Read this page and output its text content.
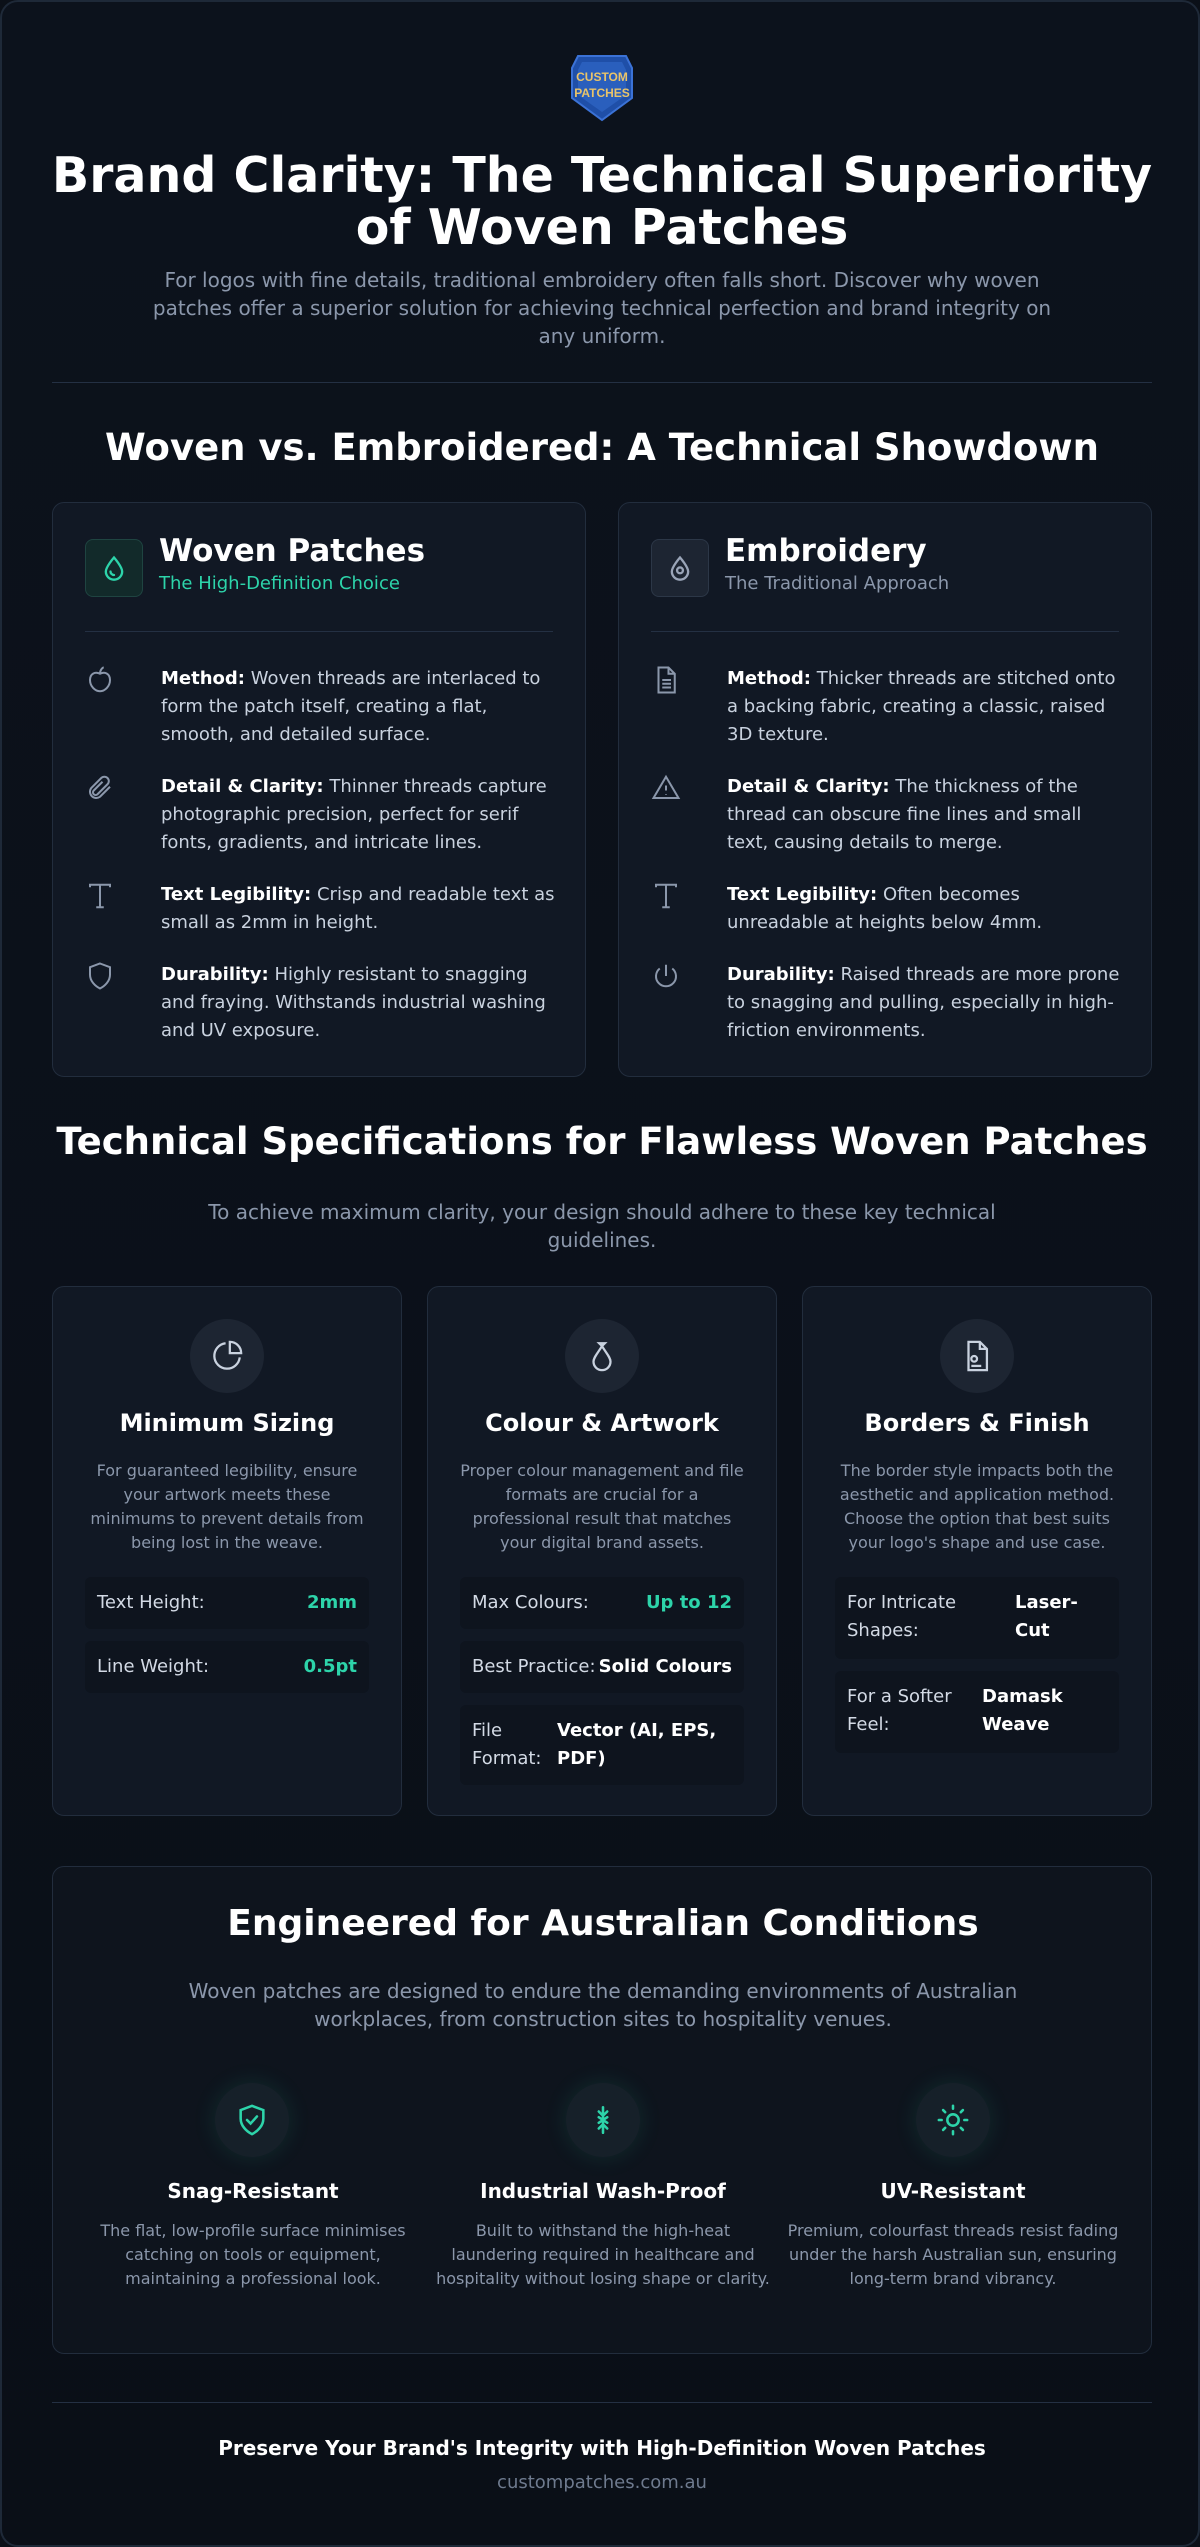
CUSTOM
PATCHES
Brand Clarity: The Technical Superiority of Woven Patches
For logos with fine details, traditional embroidery often falls short. Discover why woven patches offer a superior solution for achieving technical perfection and brand integrity on any uniform.
Woven vs. Embroidered: A Technical Showdown
Woven Patches
The High-Definition Choice
Method: Woven threads are interlaced to form the patch itself, creating a flat, smooth, and detailed surface.
Detail & Clarity: Thinner threads capture photographic precision, perfect for serif fonts, gradients, and intricate lines.
Text Legibility: Crisp and readable text as small as 2mm in height.
Durability: Highly resistant to snagging and fraying. Withstands industrial washing and UV exposure.
Embroidery
The Traditional Approach
Method: Thicker threads are stitched onto a backing fabric, creating a classic, raised 3D texture.
Detail & Clarity: The thickness of the thread can obscure fine lines and small text, causing details to merge.
Text Legibility: Often becomes unreadable at heights below 4mm.
Durability: Raised threads are more prone to snagging and pulling, especially in high-friction environments.
Technical Specifications for Flawless Woven Patches
To achieve maximum clarity, your design should adhere to these key technical guidelines.
Minimum Sizing
For guaranteed legibility, ensure your artwork meets these minimums to prevent details from being lost in the weave.
Text Height:	2mm
Line Weight:	0.5pt
Colour & Artwork
Proper colour management and file formats are crucial for a professional result that matches your digital brand assets.
Max Colours:	Up to 12
Best Practice: Solid Colours
File Format:
Vector (AI, EPS, PDF)
Borders & Finish
The border style impacts both the aesthetic and application method. Choose the option that best suits your logo's shape and use case.
For Intricate Shapes:
Laser-Cut
For a Softer Feel:
Damask Weave
Engineered for Australian Conditions
Woven patches are designed to endure the demanding environments of Australian workplaces, from construction sites to hospitality venues.
Snag-Resistant
The flat, low-profile surface minimises catching on tools or equipment, maintaining a professional look.
Industrial Wash-Proof
Built to withstand the high-heat laundering required in healthcare and hospitality without losing shape or clarity.
UV-Resistant
Premium, colourfast threads resist fading under the harsh Australian sun, ensuring long-term brand vibrancy.
Preserve Your Brand's Integrity with High-Definition Woven Patches
custompatches.com.au
